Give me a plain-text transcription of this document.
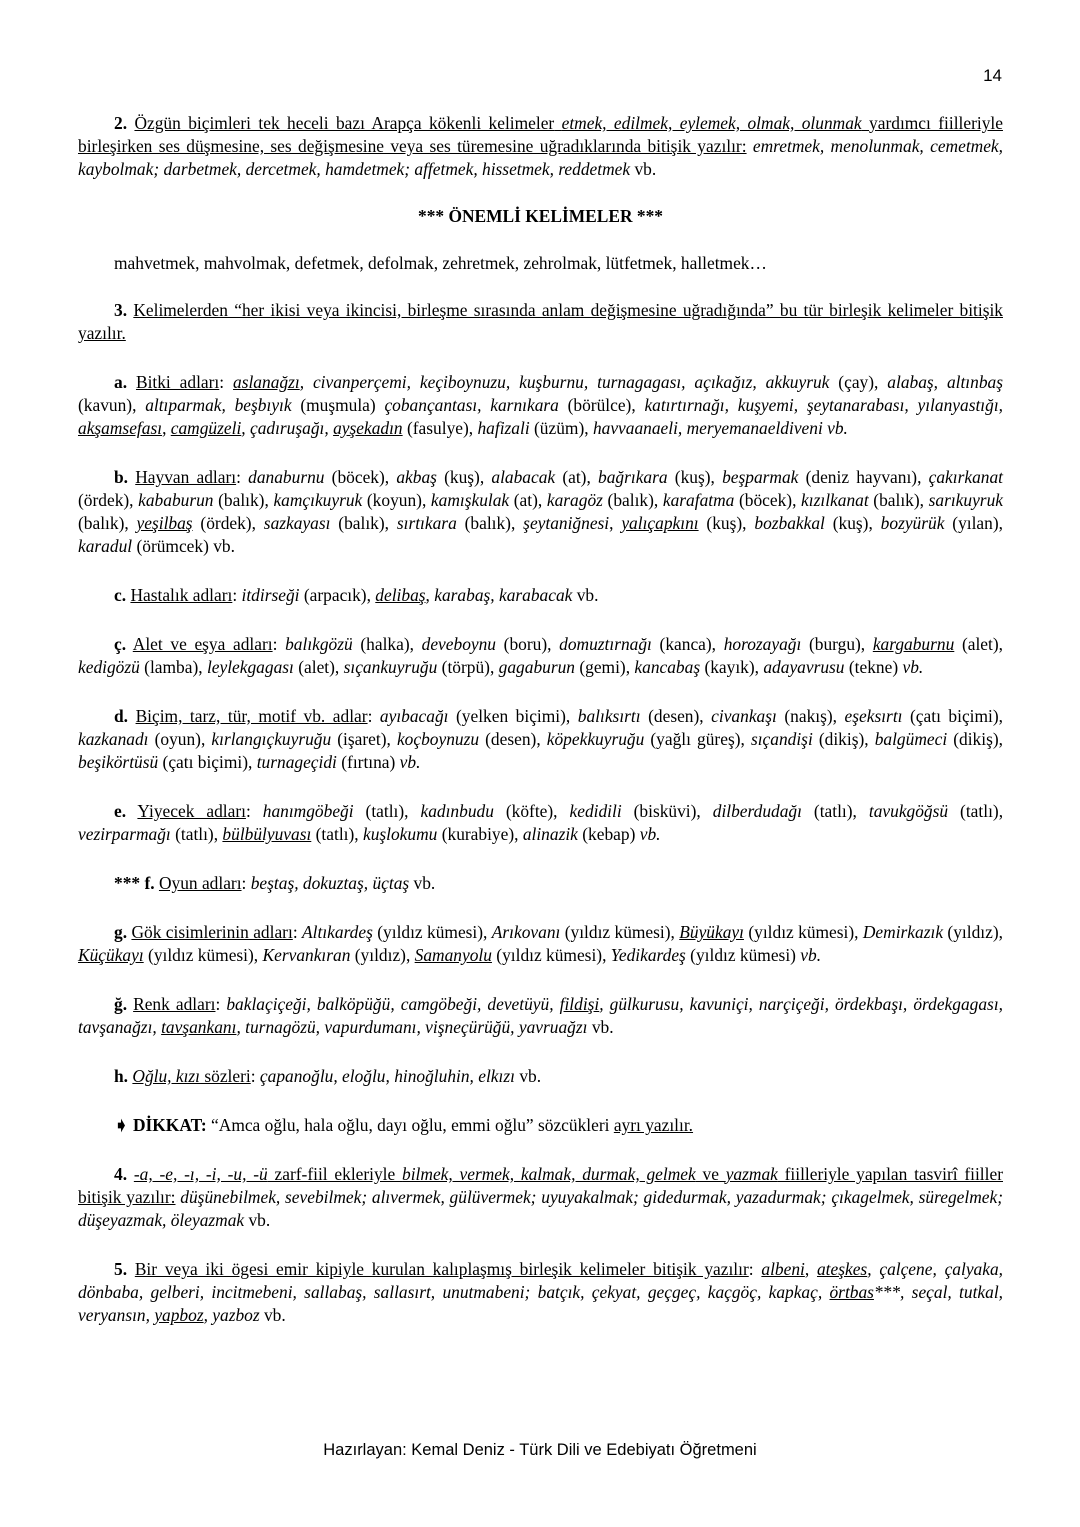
14

2. Özgün biçimleri tek heceli bazı Arapça kökenli kelimeler etmek, edilmek, eylemek, olmak, olunmak yardımcı fiilleriyle birleşirken ses düşmesine, ses değişmesine veya ses türemesine uğradıklarında bitişik yazılır: emretmek, menolunmak, cemetmek, kaybolmak; darbetmek, dercetmek, hamdetmek; affetmek, hissetmek, reddetmek vb.

*** ÖNEMLİ KELİMELER ***

mahvetmek, mahvolmak, defetmek, defolmak, zehretmek, zehrolmak, lütfetmek, halletmek…

3. Kelimelerden “her ikisi veya ikincisi, birleşme sırasında anlam değişmesine uğradığında” bu tür birleşik kelimeler bitişik yazılır.

a. Bitki adları: aslanağzı, civanperçemi, keçiboynuzu, kuşburnu, turnagagası, açıkağız, akkuyruk (çay), alabaş, altınbaş (kavun), altıparmak, beşbıyık (muşmula) çobançantası, karnıkara (börülce), katırtırnağı, kuşyemi, şeytanarabası, yılanyastığı, akşamsefası, camgüzeli, çadıruşağı, ayşekadın (fasulye), hafizali (üzüm), havvaanaeli, meryemanaeldiveni vb.

b. Hayvan adları: danaburnu (böcek), akbaş (kuş), alabacak (at), bağrıkara (kuş), beşparmak (deniz hayvanı), çakırkanat (ördek), kababurun (balık), kamçıkuyruk (koyun), kamışkulak (at), karagöz (balık), karafatma (böcek), kızılkanat (balık), sarıkuyruk (balık), yeşilbaş (ördek), sazkayası (balık), sırtıkara (balık), şeytaniğnesi, yalıçapkını (kuş), bozbakkal (kuş), bozyürük (yılan), karadul (örümcek) vb.

c. Hastalık adları: itdirseği (arpacık), delibaş, karabaş, karabacak vb.

ç. Alet ve eşya adları: balıkgözü (halka), deveboynu (boru), domuztırnağı (kanca), horozayağı (burgu), kargaburnu (alet), kedigözü (lamba), leylekgagası (alet), sıçankuyruğu (törpü), gagaburun (gemi), kancabaş (kayık), adayavrusu (tekne) vb.

d. Biçim, tarz, tür, motif vb. adlar: ayıbacağı (yelken biçimi), balıksırtı (desen), civankaşı (nakış), eşeksırtı (çatı biçimi), kazkanadı (oyun), kırlangıçkuyruğu (işaret), koçboynuzu (desen), köpekkuyruğu (yağlı güreş), sıçandişi (dikiş), balgümeci (dikiş), beşikörtüsü (çatı biçimi), turnageçidi (fırtına) vb.

e. Yiyecek adları: hanımgöbeği (tatlı), kadınbudu (köfte), kedidili (bisküvi), dilberdudağı (tatlı), tavukgöğsü (tatlı), vezirparmağı (tatlı), bülbülyuvası (tatlı), kuşlokumu (kurabiye), alinazik (kebap) vb.

*** f. Oyun adları: beştaş, dokuztaş, üçtaş vb.

g. Gök cisimlerinin adları: Altıkardeş (yıldız kümesi), Arıkovanı (yıldız kümesi), Büyükayı (yıldız kümesi), Demirkazık (yıldız), Küçükayı (yıldız kümesi), Kervankıran (yıldız), Samanyolu (yıldız kümesi), Yedikardeş (yıldız kümesi) vb.

ğ. Renk adları: baklaçiçeği, balköpüğü, camgöbeği, devetüyü, fildişi, gülkurusu, kavuniçi, narçiçeği, ördekbaşı, ördekgagası, tavşanağzı, tavşankanı, turnagözü, vapurdumanı, vişneçürüğü, yavruağzı vb.

h. Oğlu, kızı sözleri: çapanoğlu, eloğlu, hinoğluhin, elkızı vb.

➧ DİKKAT: “Amca oğlu, hala oğlu, dayı oğlu, emmi oğlu” sözcükleri ayrı yazılır.

4. -a, -e, -ı, -i, -u, -ü zarf-fiil ekleriyle bilmek, vermek, kalmak, durmak, gelmek ve yazmak fiilleriyle yapılan tasvirî fiiller bitişik yazılır: düşünebilmek, sevebilmek; alıvermek, gülüvermek; uyuyakalmak; gidedurmak, yazadurmak; çıkagelmek, süregelmek; düşeyazmak, öleyazmak vb.

5. Bir veya iki ögesi emir kipiyle kurulan kalıplaşmış birleşik kelimeler bitişik yazılır: albeni, ateşkes, çalçene, çalyaka, dönbaba, gelberi, incitmebeni, sallabaş, sallasırt, unutmabeni; batçık, çekyat, geçgeç, kaçgöç, kapkaç, örtbas***, seçal, tutkal, veryansın, yapboz, yazboz vb.

Hazırlayan: Kemal Deniz - Türk Dili ve Edebiyatı Öğretmeni
